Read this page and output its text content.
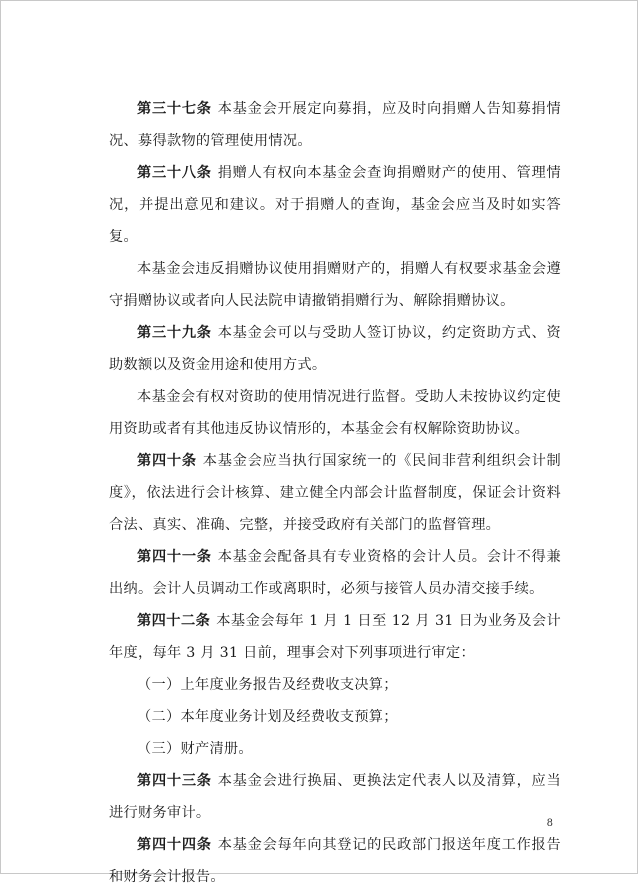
第三十七条 本基金会开展定向募捐，应及时向捐赠人告知募捐情况、募得款物的管理使用情况。

第三十八条 捐赠人有权向本基金会查询捐赠财产的使用、管理情况，并提出意见和建议。对于捐赠人的查询，基金会应当及时如实答复。

本基金会违反捐赠协议使用捐赠财产的，捐赠人有权要求基金会遵守捐赠协议或者向人民法院申请撤销捐赠行为、解除捐赠协议。

第三十九条 本基金会可以与受助人签订协议，约定资助方式、资助数额以及资金用途和使用方式。

本基金会有权对资助的使用情况进行监督。受助人未按协议约定使用资助或者有其他违反协议情形的，本基金会有权解除资助协议。

第四十条 本基金会应当执行国家统一的《民间非营利组织会计制度》，依法进行会计核算、建立健全内部会计监督制度，保证会计资料合法、真实、准确、完整，并接受政府有关部门的监督管理。

第四十一条 本基金会配备具有专业资格的会计人员。会计不得兼出纳。会计人员调动工作或离职时，必须与接管人员办清交接手续。

第四十二条 本基金会每年 1 月 1 日至 12 月 31 日为业务及会计年度，每年 3 月 31 日前，理事会对下列事项进行审定：

（一）上年度业务报告及经费收支决算；

（二）本年度业务计划及经费收支预算；

（三）财产清册。

第四十三条 本基金会进行换届、更换法定代表人以及清算，应当进行财务审计。

第四十四条 本基金会每年向其登记的民政部门报送年度工作报告和财务会计报告。

8
